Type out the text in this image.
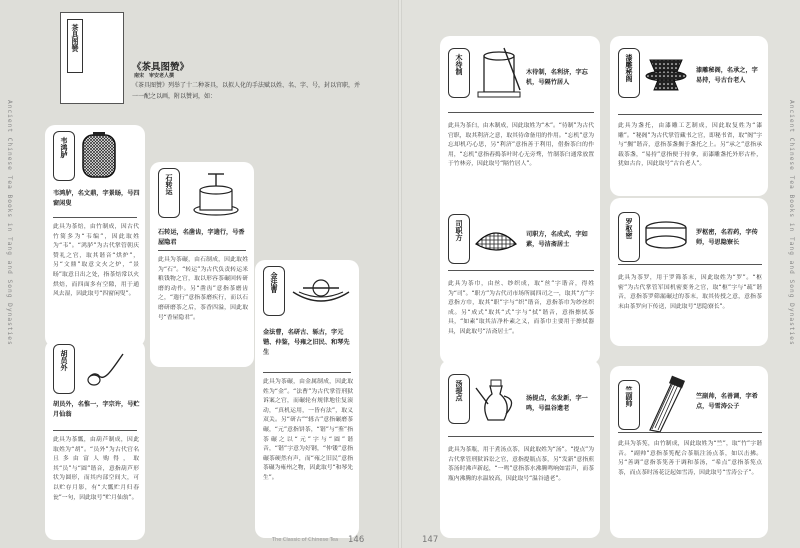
Ancient Chinese Tea Books in Tang and Song Dynasties	Ancient Chinese Tea Books in Tang and Song Dynasties
茶具图赞
《茶具图赞》
南宋　审安老人撰
《茶具图赞》列举了十二种茶具，以拟人化的手法赋以姓、名、字、号，封以官职，并一一配之以画，附以赞词，如：
韦鸿胪
韦鸿胪，名文鼎，字景旸，号四窗闲叟
此具为茶焙，由竹制成，因古代竹简多为“韦编”，因此取姓为“韦”。“鸿胪”为古代掌管朝庆赞礼之官，取其谐音“烘炉”，另“文鼎”取意文火之炉，“景旸”取意日出之处，指茶焙常以火烘焙，而四面多有空隙，用于通风去湿，因此取号“四窗闲叟”。
胡员外
胡员外，名惟一，字宗许，号贮月仙翁
此具为茶瓢，由葫芦制成，因此取姓为“胡”。“员外”为古代官名且多由富人购得，取其“员”与“圆”谐音，意指葫芦形状为圆形，而其内部空间大，可以贮存月影，有“大瓢贮月归春瓮”一句，因此取号“贮月仙翁”。
石转运
石转运，名凿齿，字遄行，号香屋隐君
此具为茶碾，由石制成，因此取姓为“石”。“转运”为古代负责转运米粮钱物之官，取以形容茶碾回转研磨的动作。另“凿齿”意指茶磨齿之，“遄行”意指茶磨疾行，而以石磨研磨茶之后，茶香四溢，因此取号“香屋隐君”。
金法曹
金法曹，名研古、轹古，字元锴、仲鉴，号雍之旧民、和琴先生
此具为茶碾，由金属制成，因此取姓为“金”。“法曹”为古代掌管刑狱诉案之官，而碾轮有规律地往复滚动，“真机运用，一皆有法”，取义双关。另“研古”“轹古”意指碾磨茶碾，“元”意指饼茶，“锴”与“鉴”指茶碾之以“元”字与“圆”谐音，“锴”字意为好钢，“仲镂”意指碾茶硬然有声，而“雍之旧民”意指茶碾为雍州之物，因此取号“和琴先生”。
木待制	木待制，名利济，字忘机，号隔竹居人
此具为茶臼，由木制成，因此取姓为“木”。“待制”为古代官职，取其利济之意，取其待命备用的作用。“忘机”意为忘却机巧心思，另“利济”意指善于利用，借指茶臼的作用，“忘机”意指舂捣茶叶时心无旁骛，竹制茶臼通常放置于竹林旁，因此取号“隔竹居人”。
漆雕秘阁	漆雕秘阁，名承之，字易持，号古台老人
此具为盏托，由漆雕工艺制成，因此取复姓为“漆雕”。“秘阁”为古代掌管藏书之官，即秘书省，取“阁”字与“搁”谐音，意指茶盏搁于盏托之上。另“承之”意指承载茶盏，“易持”意指便于持拿，而漆雕盏托外形古朴，犹如古台，因此取号“古台老人”。
司职方	司职方，名成式，字如素，号洁斋居士
此具为茶巾，由丝、纱织成，取“丝”字谐音，得姓为“司”。“职方”为古代司市场所属四司之一，取其“方”字意指方巾，取其“职”字与“织”谐音，意指茶巾为纱丝织成。另“成式”取其“式”字与“拭”谐音，意指擦拭茶具，“如素”取其洁净朴素之义，而茶巾主要用于擦拭器具，因此取号“洁斋居士”。
罗枢密	罗枢密，名若药，字传师，号思隐寮长
此具为茶罗，用于罗筛茶末，因此取姓为“罗”。“枢密”为古代掌管军国机密要务之官，取“枢”字与“疏”谐音，意指茶罗筛漏碾过的茶末，取其传授之意，意指茶末由茶罗向下传送，因此取号“思隐寮长”。
汤提点	汤提点，名发新，字一鸣，号温谷遗老
此具为茶瓶，用于煮汤点茶，因此取姓为“汤”。“提点”为古代掌管刑狱诉讼之官，意指提瓶点茶，另“发新”意指煎茶汤时沸声新起，“一鸣”意指茶水沸腾鸣响如雷声，而茶瓶内沸腾的水温较高，因此取号“温谷遗老”。
竺副帅	竺副帅，名善调，字希点，号雪涛公子
此具为茶筅，由竹制成，因此取姓为“竺”，取“竹”字谐音。“副帅”意指茶筅配合茶瓶注汤点茶，如以击拂。另“善调”意指茶筅善于调和茶汤，“希点”意指茶筅点茶，而点茶时汤花泛起如雪涛，因此取号“雪涛公子”。
The Classic of Chinese Tea 146	147
